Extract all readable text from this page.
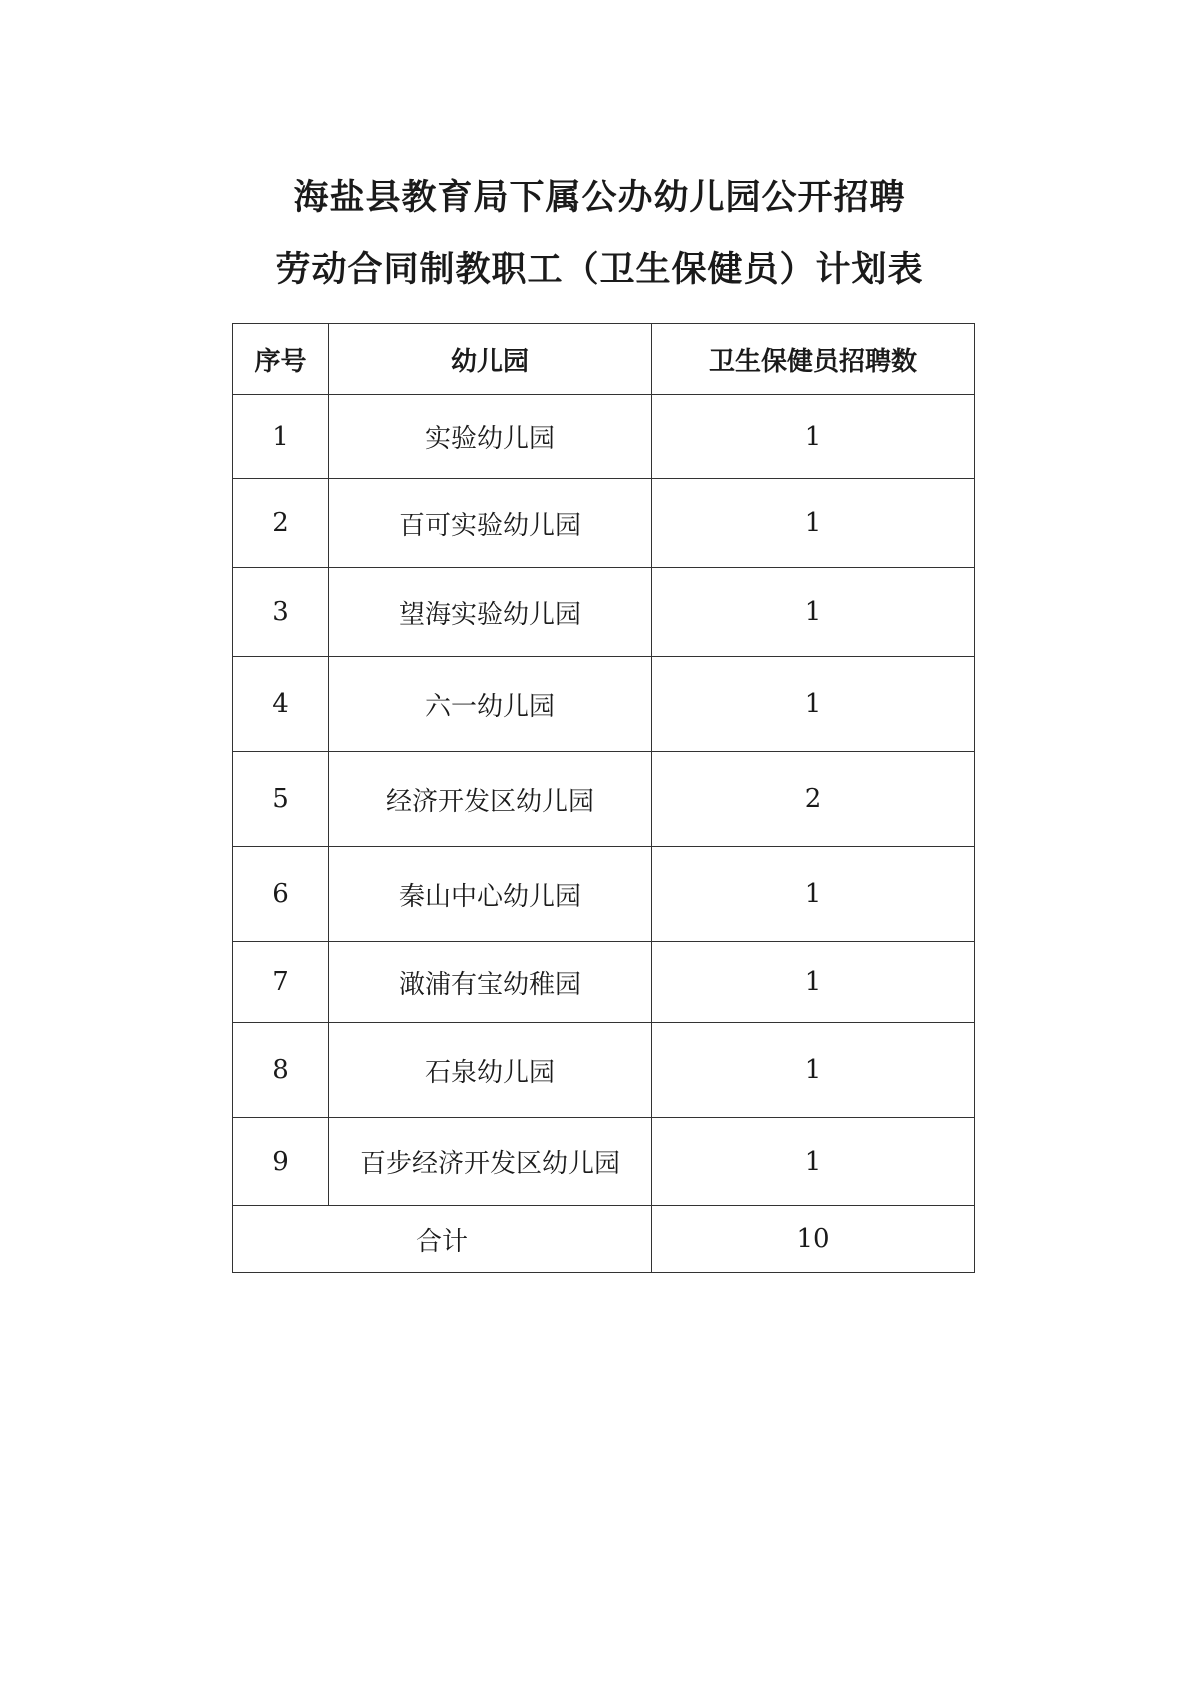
海盐县教育局下属公办幼儿园公开招聘
劳动合同制教职工（卫生保健员）计划表
序号	幼儿园	卫生保健员招聘数
1	实验幼儿园	1
2	百可实验幼儿园	1
3	望海实验幼儿园	1
4	六一幼儿园	1
5	经济开发区幼儿园	2
6	秦山中心幼儿园	1
7	澉浦有宝幼稚园	1
8	石泉幼儿园	1
9	百步经济开发区幼儿园	1
合计		10
